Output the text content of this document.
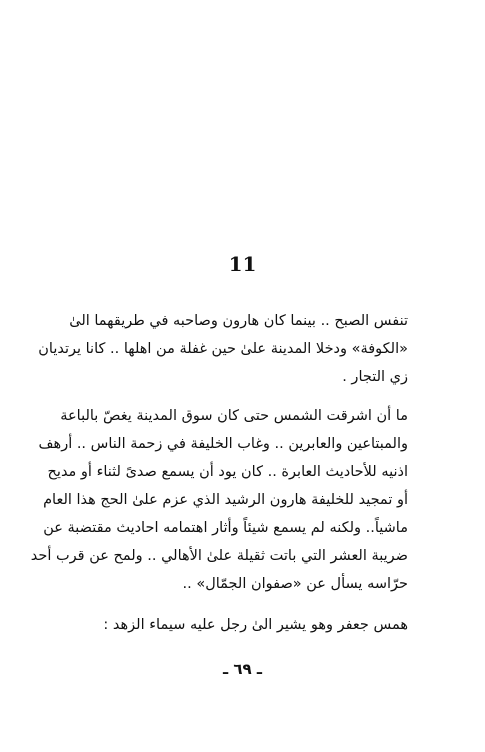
11
تنفس الصبح .. بينما كان هارون وصاحبه في طريقهما الىٰ
«الكوفة» ودخلا المدينة علىٰ حين غفلة من اهلها .. كانا يرتديان
زي التجار .
ما أن اشرقت الشمس حتى كان سوق المدينة يغصّ بالباعة
والمبتاعين والعابرين .. وغاب الخليفة في زحمة الناس .. أرهف
اذنيه للأحاديث العابرة .. كان يود أن يسمع صدىً لثناء أو مديح
أو تمجيد للخليفة هارون الرشيد الذي عزم علىٰ الحج هذا العام
ماشياً.. ولكنه لم يسمع شيئاً وأثار اهتمامه احاديث مقتضبة عن
ضريبة العشر التي باتت ثقيلة علىٰ الأهالي .. ولمح عن قرب أحد
حرّاسه يسأل عن «صفوان الجمّال» ..
همس جعفر وهو يشير الىٰ رجل عليه سيماء الزهد :
ـ ٦٩ ـ
